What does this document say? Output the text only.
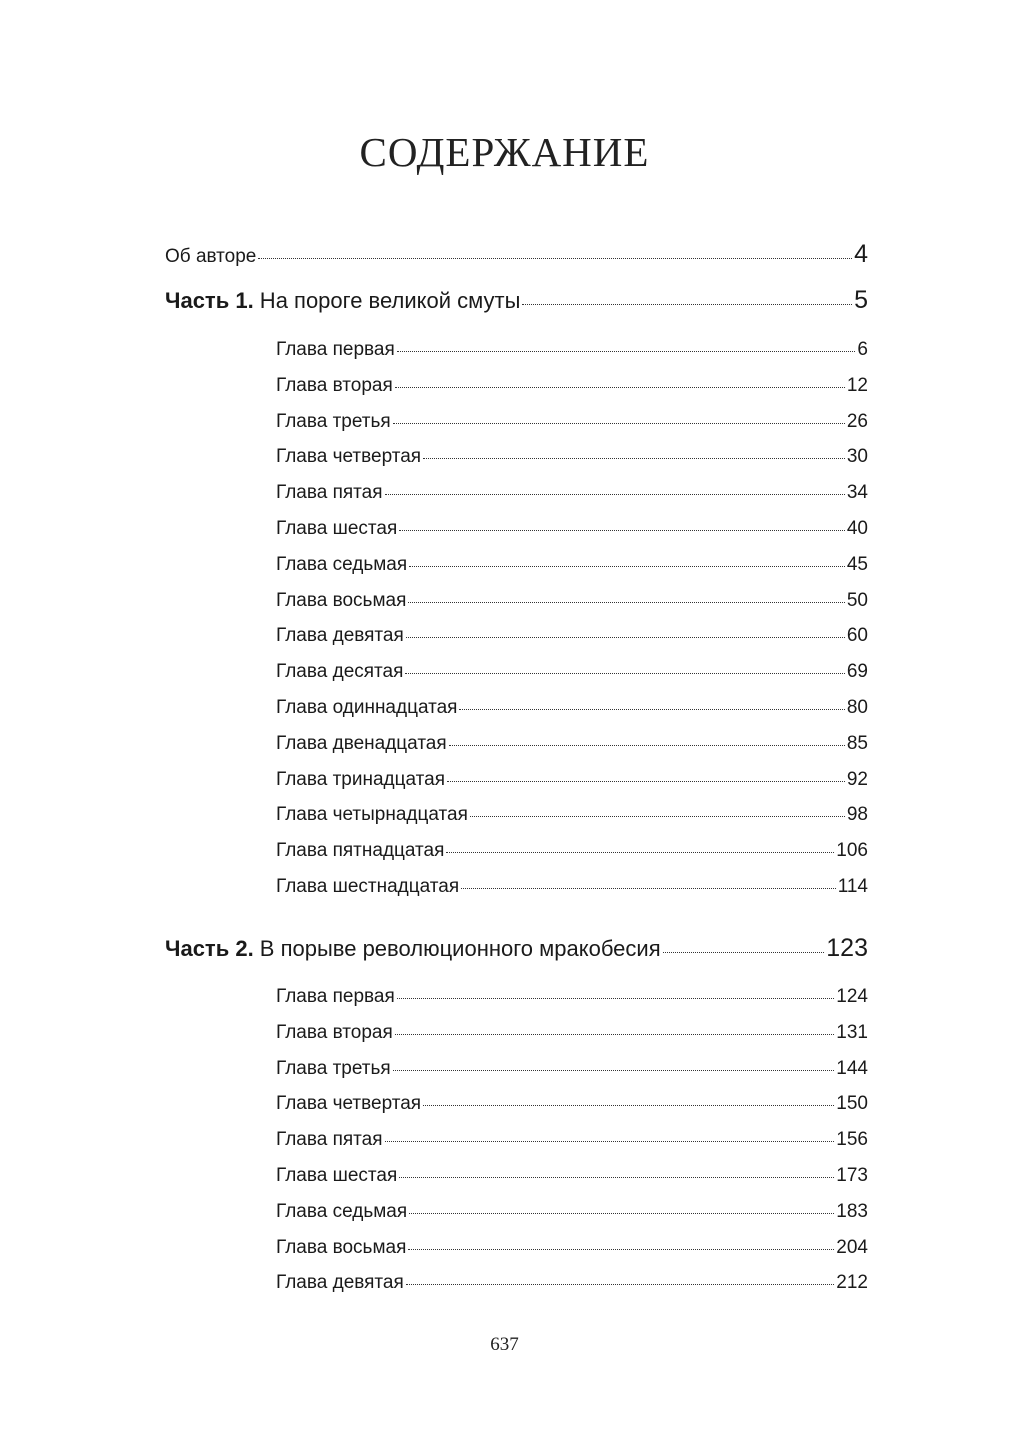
СОДЕРЖАНИЕ
Об авторе	4
Часть 1. На пороге великой смуты	5
Глава первая	6
Глава вторая	12
Глава третья	26
Глава четвертая	30
Глава пятая	34
Глава шестая	40
Глава седьмая	45
Глава восьмая	50
Глава девятая	60
Глава десятая	69
Глава одиннадцатая	80
Глава двенадцатая	85
Глава тринадцатая	92
Глава четырнадцатая	98
Глава пятнадцатая	106
Глава шестнадцатая	114
Часть 2. В порыве революционного мракобесия	123
Глава первая	124
Глава вторая	131
Глава третья	144
Глава четвертая	150
Глава пятая	156
Глава шестая	173
Глава седьмая	183
Глава восьмая	204
Глава девятая	212
637
